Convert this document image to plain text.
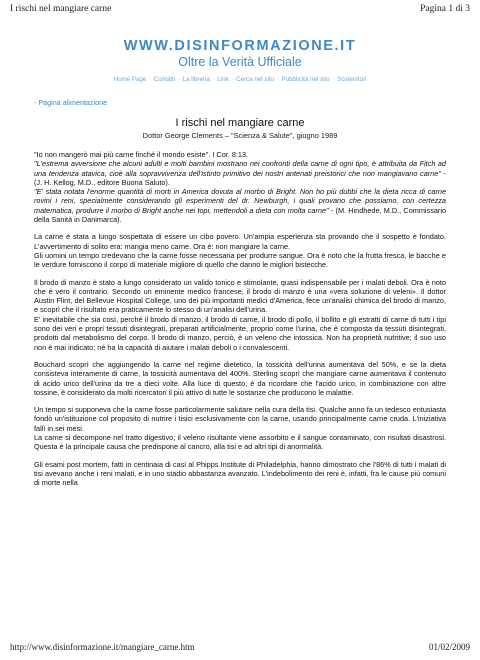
I rischi nel mangiare carne	Pagina 1 di 3
WWW.DISINFORMAZIONE.IT
Oltre la Verità Ufficiale
Home Page · Contatti · La libreria · Link · Cerca nel sito · Pubblicità nel sito · Sostenitori
- Pagina alimentazione
I rischi nel mangiare carne
Dottor George Clements – "Scienza & Salute", giugno 1989

"Io non mangerò mai più carne finché il mondo esiste". I Cor. 8:13.

"L'estrema avversione che alcuni adulti e molti bambini mostrano nei confronti della carne di ogni tipo, è attribuita da Fitch ad una tendenza atavica, cioè alla sopravvivenza dell'istinto primitivo dei nostri antenati preistorici che non mangiavano carne" - (J. H. Kellog, M.D., editore Buona Saluto).

"E' stata notata l'enorme quantità di morti in America dovuta al morbo di Bright. Non ho più dubbi che la dieta ricca di carne rovini i reni, specialmente considerando gli esperimenti del dr. Newburgh, i quali provano che possiamo, con certezza matematica, produrre il morbo di Bright anche nei topi, mettendoli a dieta con molta carne" - (M. Hindhede, M.D., Commissario della Sanità in Danimarca).

La carne è stata a lungo sospettata di essere un cibo povero. Un'ampia esperienza sta provando che il sospetto è fondato. L'avvertimento di solito era: mangia meno carne. Ora è: non mangiare la carne.

Gli uomini un tempo credevano che la carne fosse necessaria per produrre sangue. Ora è noto che la frutta fresca, le bacche e le verdure forniscono il corpo di materiale migliore di quello che danno le migliori bistecche.

Il brodo di manzo è stato a lungo considerato un valido tonico e stimolante, quasi indispensabile per i malati deboli. Ora è noto che è vero il contrario. Secondo un eminente medico francese, il brodo di manzo è una «vera soluzione di veleni». Il dottor Austin Flint, del Bellevue Hospital College, uno dei più importanti medici d'America, fece un'analisi chimica del brodo di manzo, e scoprì che il risultato era praticamente lo stesso di un'analisi dell'urina.

E' inevitabile che sia così, perché il brodo di manzo, il brodo di carne, il brodo di pollo, il bollito e gli estratti di carne di tutti i tipi sono dei veri e propri tessuti disintegrati, preparati artificialmente, proprio come l'urina, che è composta da tessuti disintegrati, prodotti dal metabolismo del corpo. Il brodo di manzo, perciò, è un veleno che intossica. Non ha proprietà nutritive; il suo uso non è mai indicato; né ha la capacità di aiutare i malati deboli o i convalescenti.

Bouchard scoprì che aggiungendo la carne nel regime dietetico, la tossicità dell'urina aumentava del 50%, e se la dieta consisteva interamente di carne, la tossicità aumentava del 400%. Sterling scoprì che mangiare carne aumentava il contenuto di acido urico dell'urina da tre a dieci volte. Alla luce di questo, è da ricordare che l'acido urico, in combinazione con altre tossine, è considerato da molti ricercatori il più attivo di tutte le sostanze che producono le malattie.

Un tempo si supponeva che la carne fosse particolarmente salutare nella cura della tisi. Qualche anno fa un tedesco entusiasta fondò un'istituzione col proposito di nutrire i tisici esclusivamente con la carne, usando principalmente carne cruda. L'iniziativa fallì in sei mesi.

La carne si decompone nel tratto digestivo; il veleno risultante viene assorbito e il sangue contaminato, con risultati disastrosi. Questa è la principale causa che predispone al cancro, alla tisi e ad altri tipi di anormalità.

Gli esami post mortem, fatti in centinaia di casi al Phipps Institute di Philadelphia, hanno dimostrato che l'86% di tutti i malati di tisi avevano anche i reni malati, e in uno stadio abbastanza avanzato. L'indebolimento dei reni è, infatti, fra le cause più comuni di morte nella

http://www.disinformazione.it/mangiare_carne.htm	01/02/2009
